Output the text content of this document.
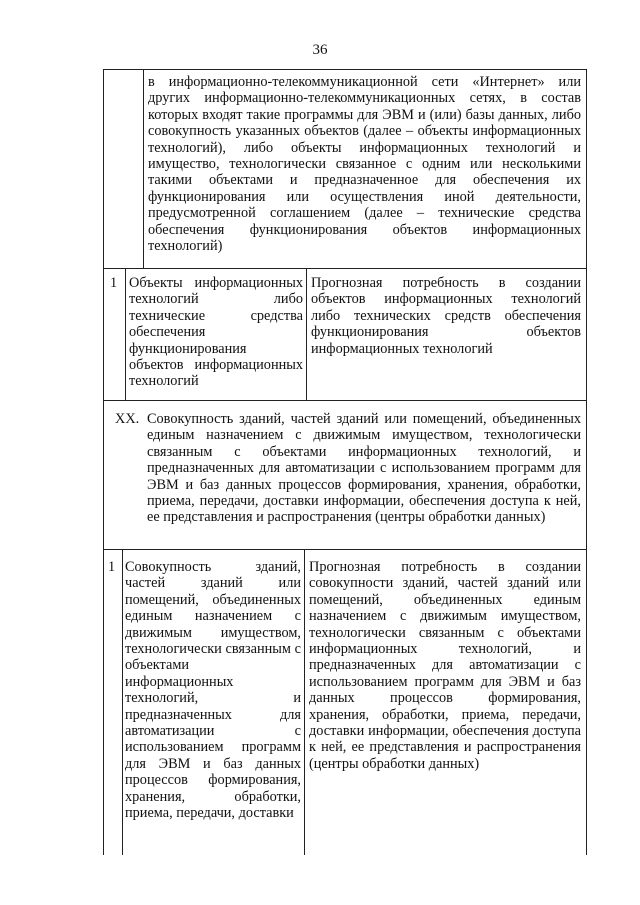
36
в информационно-телекоммуникационной сети «Интернет» или других информационно-телекоммуникационных сетях, в состав которых входят такие программы для ЭВМ и (или) базы данных, либо совокупность указанных объектов (далее – объекты информационных технологий), либо объекты информационных технологий и имущество, технологически связанное с одним или несколькими такими объектами и предназначенное для обеспечения их функционирования или осуществления иной деятельности, предусмотренной соглашением (далее – технические средства обеспечения функционирования объектов информационных технологий)
1 Объекты информационных технологий либо технические средства обеспечения функционирования объектов информационных технологий
Прогнозная потребность в создании объектов информационных технологий либо технических средств обеспечения функционирования объектов информационных технологий
XX. Совокупность зданий, частей зданий или помещений, объединенных единым назначением с движимым имуществом, технологически связанным с объектами информационных технологий, и предназначенных для автоматизации с использованием программ для ЭВМ и баз данных процессов формирования, хранения, обработки, приема, передачи, доставки информации, обеспечения доступа к ней, ее представления и распространения (центры обработки данных)
1 Совокупность зданий, частей зданий или помещений, объединенных единым назначением с движимым имуществом, технологически связанным с объектами информационных технологий, и предназначенных для автоматизации с использованием программ для ЭВМ и баз данных процессов формирования, хранения, обработки, приема, передачи, доставки
Прогнозная потребность в создании совокупности зданий, частей зданий или помещений, объединенных единым назначением с движимым имуществом, технологически связанным с объектами информационных технологий, и предназначенных для автоматизации с использованием программ для ЭВМ и баз данных процессов формирования, хранения, обработки, приема, передачи, доставки информации, обеспечения доступа к ней, ее представления и распространения (центры обработки данных)
